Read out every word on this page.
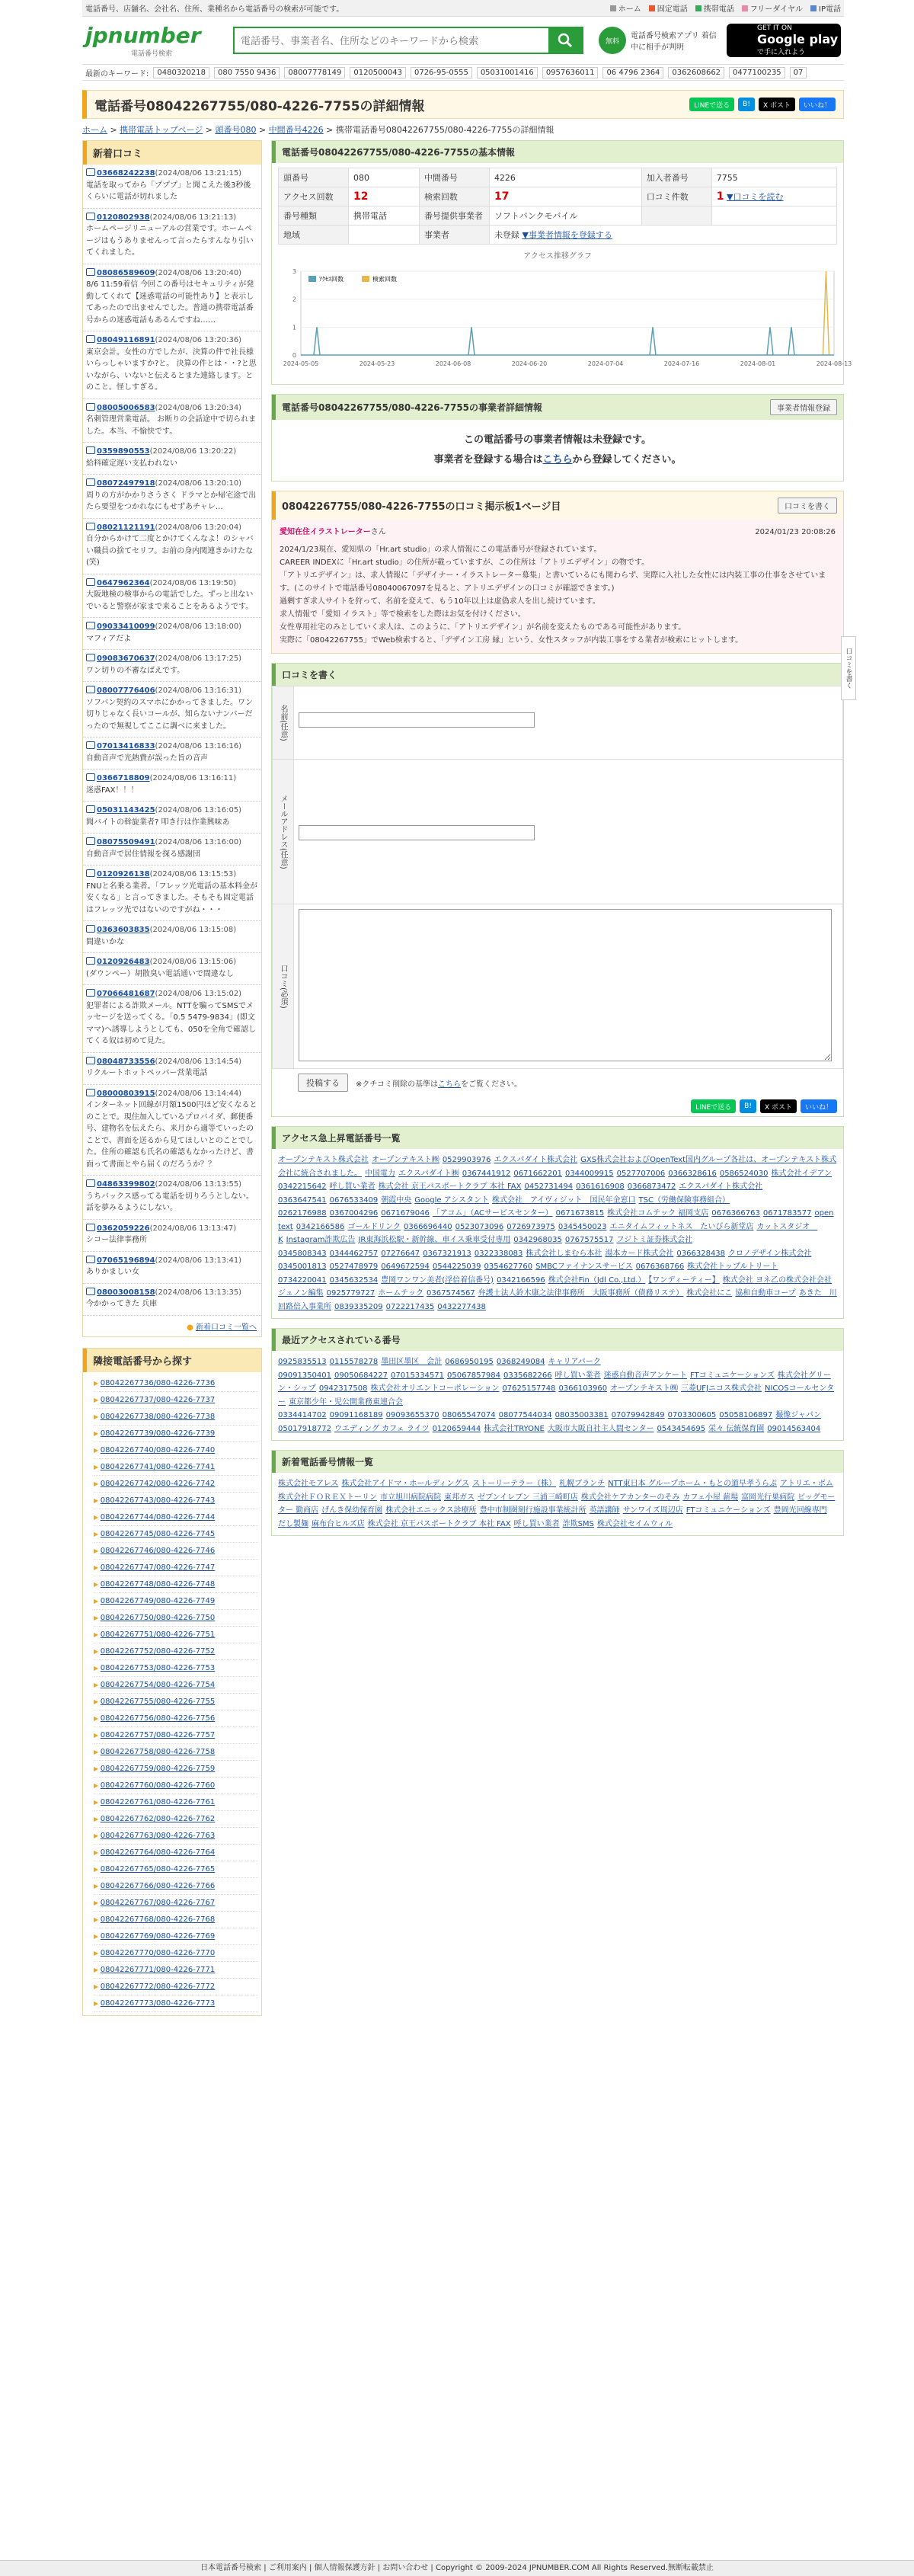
電話番号、店舗名、会社名、住所、業種名から電話番号の検索が可能です。	ホーム 固定電話 携帯電話 フリーダイヤル IP電話
jpnumber
電話番号検索
電話番号、事業者名、住所などのキーワードから検索
無料
電話番号検索アプリ 着信中に相手が判明
GET IT ON
Google play
で手に入れよう
最新のキーワード:	0480320218	080 7550 9436	08007778149	0120500043	0726-95-0555	05031001416	0957636011	06 4796 2364	0362608662	0477100235	07
電話番号08042267755/080-4226-7755の詳細情報	LINEで送る	B!	X ポスト	いいね！
ホーム > 携帯電話トップページ > 頭番号080 > 中間番号4226 > 携帯電話番号08042267755/080-4226-7755の詳細情報
新着口コミ
03668242238(2024/08/06 13:21:15)
電話を取ってから「プププ」と聞こえた後3秒後くらいに電話が切れました
0120802938(2024/08/06 13:21:13)
ホームページリニューアルの営業です。ホームページはもうありませんって言ったらすんなり引いてくれました。
08086589609(2024/08/06 13:20:40)
8/6 11:59着信 今回この番号はセキュリティが発動してくれて【迷惑電話の可能性あり】と表示してあったので出ませんでした。普通の携帯電話番号からの迷惑電話もあるんですね……
08049116891(2024/08/06 13:20:36)
東京会計。女性の方でしたが、決算の件で社長様いらっしゃいますか?と。 決算の件とは・・?と思いながら、いないと伝えるとまた連絡します。とのこと。怪しすぎる。
08005006583(2024/08/06 13:20:34)
名刺管理営業電話。 お断りの会話途中で切られました。本当、不愉快です。
0359890553(2024/08/06 13:20:22)
給料確定遅い支払われない
08072497918(2024/08/06 13:20:10)
周りの方がかかりさうさく ドラマとか帰宅途で出たら要望をつかれなにもせずあチャレ…
08021121191(2024/08/06 13:20:04)
自分からかけて二度とかけてくんなよ！のシャバい職員の捨てセリフ。お前の身内関連きかけたな(笑)
0647962364(2024/08/06 13:19:50)
大阪地検の検事からの電話でした。ずっと出ないでいると警察が家まで来ることをあるようです。
09033410099(2024/08/06 13:18:00)
マフィアだよ
09083670637(2024/08/06 13:17:25)
ワン切りの不審なばえです。
08007776406(2024/08/06 13:16:31)
ソフバン契約のスマホにかかってきました。ワン切りじゃなく長いコールが、知らないナンバーだったので無視してここに調べに来ました。
07013416833(2024/08/06 13:16:16)
自動音声で光熱費が誤った旨の音声
0366718809(2024/08/06 13:16:11)
迷惑FAX！！！
05031143425(2024/08/06 13:16:05)
聞バイトの斡旋業者? 叩き行は作業興味あ
08075509491(2024/08/06 13:16:00)
自動音声で居住情報を探る感謝団
0120926138(2024/08/06 13:15:53)
FNUと名乗る業者。「フレッツ光電話の基本料金が安くなる」と言ってきました。そもそも固定電話はフレッツ光ではないのですがね・・・
0363603835(2024/08/06 13:15:08)
間違いかな
0120926483(2024/08/06 13:15:06)
(ダウンペー）胡散臭い電話通いで間違なし
07066481687(2024/08/06 13:15:02)
犯罪者による詐欺メール。NTTを騙ってSMSでメッセージを送ってくる。「0.5 5479-9834」(即文ママ)へ誘導しようとしても、050を全角で確認してくる奴は初めて見た。
08048733556(2024/08/06 13:14:54)
リクルートホットペッパー営業電話
08000803915(2024/08/06 13:14:44)
インターネット回線が月額1500円ほど安くなるとのことで。現住加入しているプロバイダ、郵便番号、建物名を伝えたら、来月から適等ていったのことで、書面を送るから見てほしいとのことでした。住所の確認も氏名の確認もなかったけど、書面って書面とやら届くのだろうか？？
04863399802(2024/08/06 13:13:55)
うちバックス感ってる電話を切りろうとしない。話を夢みるようにしない。
0362059226(2024/08/06 13:13:47)
シコー法律事務所
07065196894(2024/08/06 13:13:41)
ありかましい女
08003008158(2024/08/06 13:13:35)
今かかってきた 兵庫
● 新着口コミ一覧へ
隣接電話番号から探す
▶ 08042267736/080-4226-7736
▶ 08042267737/080-4226-7737
▶ 08042267738/080-4226-7738
▶ 08042267739/080-4226-7739
▶ 08042267740/080-4226-7740
▶ 08042267741/080-4226-7741
▶ 08042267742/080-4226-7742
▶ 08042267743/080-4226-7743
▶ 08042267744/080-4226-7744
▶ 08042267745/080-4226-7745
▶ 08042267746/080-4226-7746
▶ 08042267747/080-4226-7747
▶ 08042267748/080-4226-7748
▶ 08042267749/080-4226-7749
▶ 08042267750/080-4226-7750
▶ 08042267751/080-4226-7751
▶ 08042267752/080-4226-7752
▶ 08042267753/080-4226-7753
▶ 08042267754/080-4226-7754
▶ 08042267755/080-4226-7755
▶ 08042267756/080-4226-7756
▶ 08042267757/080-4226-7757
▶ 08042267758/080-4226-7758
▶ 08042267759/080-4226-7759
▶ 08042267760/080-4226-7760
▶ 08042267761/080-4226-7761
▶ 08042267762/080-4226-7762
▶ 08042267763/080-4226-7763
▶ 08042267764/080-4226-7764
▶ 08042267765/080-4226-7765
▶ 08042267766/080-4226-7766
▶ 08042267767/080-4226-7767
▶ 08042267768/080-4226-7768
▶ 08042267769/080-4226-7769
▶ 08042267770/080-4226-7770
▶ 08042267771/080-4226-7771
▶ 08042267772/080-4226-7772
▶ 08042267773/080-4226-7773
電話番号08042267755/080-4226-7755の基本情報
頭番号	080	中間番号	4226	加入者番号	7755
アクセス回数	12	検索回数	17	口コミ件数	1 ▼口コミを読む
番号種類	携帯電話	番号提供事業者	ソフトバンクモバイル		
地域		事業者	未登録 ▼事業者情報を登録する		
アクセス推移グラフ
0
1
2
3
2024-05-05	2024-05-23	2024-06-08	2024-06-20	2024-07-04	2024-07-16	2024-08-01	2024-08-13
ｱｸｾｽ回数	検索回数
電話番号08042267755/080-4226-7755の事業者詳細情報	事業者情報登録
この電話番号の事業者情報は未登録です。
事業者を登録する場合はこちらから登録してください。
08042267755/080-4226-7755の口コミ掲示板1ページ目	口コミを書く
愛知在住イラストレーターさん	2024/01/23 20:08:26
2024/1/23現在、愛知県の「Hr.art studio」の求人情報にこの電話番号が登録されています。
CAREER INDEXに「Hr.art studio」の住所が載っていますが、この住所は「アトリエデザイン」の物です。
「アトリエデザイン」は、求人情報に「デザイナー・イラストレーター募集」と書いているにも関わらず、実際に入社した女性には内装工事の仕事をさせています。(このサイトで電話番号08040067097を見ると、アトリエデザインの口コミが確認できます。)
過剰すぎ求人サイトを狩って、名前を変えて、もう10年以上は虚偽求人を出し続けています。
求人情報で「愛知 イラスト」等で検索をした際はお気を付けください。
女性専用社宅のみとしていく求人は、このように、「アトリエデザイン」が名前を変えたものである可能性があります。
実際に「08042267755」でWeb検索すると、「デザイン工房 縁」という、女性スタッフが内装工事をする業者が検索にヒットします。
口コミを書く
名前(任意)	
メールアドレス(任意)	
口コミ(必須)	
投稿する	※クチコミ削除の基準はこちらをご覧ください。
LINEで送る	B!	X ポスト	いいね！
アクセス急上昇電話番号一覧
オープンテキスト株式会社 オープンテキスト㈱ 0529903976 エクスパダイト株式会社 GXS株式会社およびOpenText国内グループ各社は、オープンテキスト株式会社に統合されました。 中国電力 エクスパダイト㈱ 0367441912 0671662201 0344009915 0527707006 0366328616 0586524030 株式会社イデアン0342215642 呼し買い業者 株式会社 京王パスポートクラブ 本社 FAX 0452731494 0361616908 0366873472 エクスパダイト株式会社0363647541 0676533409 朝霞中央 Google アシスタント 株式会社　アイヴィジット　国民年金窓口 TSC（労働保険事務組合）0262176988 0367004296 0671679046 「アコム」（ACサービスセンター） 0671673815 株式会社コムテック 福岡支店 0676366763 0671783577 open text 0342166586 ゴールドリンク 0366696440 0523073096 0726973975 0345450023 エニタイムフィットネス　たいびら新堂店 カットスタジオ　K Instagram詐欺広告 JR東海浜松駅・新幹線、車イス乗車受付専用 0342968035 0767575517 フジトミ証券株式会社0345808343 0344462757 07276647 0367321913 0322338083 株式会社しまむら本社 湯本カード株式会社 0366328438 クロノデザイン株式会社0345001813 0527478979 0649672594 0544225039 0354627760 SMBCファイナンスサービス 0676368766 株式会社トップルトリート0734220041 0345632534 豊岡ワンワン美者(浮倍着信番号) 0342166596 株式会社Fin（Jdl Co.,Ltd.） 【ワンディーティー】 株式会社 ヨネ乙の株式会社会社ジュノン編集 0925779727 ホームテック 0367574567 弁護士法人鈴木康之法律事務所　大阪事務所（債務リステ） 株式会社にこ 協和自動車コープ あきた　川回路倍入事業所 0839335209 0722217435 0432277438
最近アクセスされている番号
0925835513 0115578278 墨田区墨区　会計 0686950195 0368249084 キャリアパーク09091350401 09050684227 07015334571 05067857984 0335682266 呼し買い業者 迷惑自動音声アンケート FTコミュニケーションズ 株式会社グリーン・シップ 0942317508 株式会社オリエントコーポレーション 07625157748 0366103960 オープンテキスト㈱ 三菱UFJニコス株式会社 NICOSコールセンター 東京都少年・児公開業務東連合会0334414702 09091168189 09093655370 08065547074 08077544034 08035003381 07079942849 0703300605 05058106897 撮像ジャパン05017918772 ウエディング カフェ ライツ 0120659444 株式会社TRYONE 大阪市大阪自社主人間センター 0543454695 栄々 伝統保育園 09014563404
新着電話番号情報一覧
株式会社モアレス 株式会社アイドマ・ホールディングス ストーリーテラー（株） 札幌ブランチ NTT東日本 グループホーム・もとの道早孝うらぷ アトリエ・ボム株式会社ＦＯＲＥＸトーリン 市立旭川病院病院 東邦ガス ゼブンイレブン 三浦三崎町店 株式会社ケアカンターのそみ カフェ小屋 薪場 富岡光行巣病院 ビッグモーター 勤商店 げんき保幼保育園 株式会社エニックス診療所 豊中市制圏刻行施設事業統計所 英語講師 サンワイズ周辺店 FTコミュニケーションズ 豊岡光回線専門だし製麺 麻布台ヒルズ店 株式会社 京王パスポートクラブ 本社 FAX 呼し買い業者 詐欺SMS 株式会社セイムウィル
口コミを書く
日本電話番号検索 | ご利用案内 | 個人情報保護方針 | お問い合わせ | Copyright © 2009-2024 JPNUMBER.COM All Rights Reserved.無断転載禁止
